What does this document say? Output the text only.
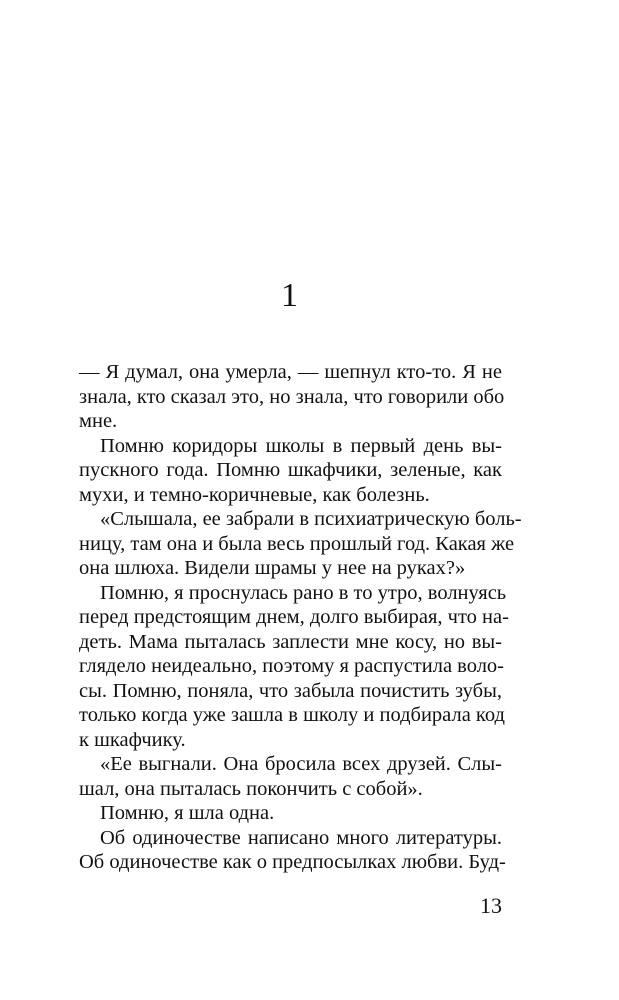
1

— Я думал, она умерла, — шепнул кто-то. Я не
знала, кто сказал это, но знала, что говорили обо
мне.

Помню коридоры школы в первый день вы-
пускного года. Помню шкафчики, зеленые, как
мухи, и темно-коричневые, как болезнь.

«Слышала, ее забрали в психиатрическую боль-
ницу, там она и была весь прошлый год. Какая же
она шлюха. Видели шрамы у нее на руках?»

Помню, я проснулась рано в то утро, волнуясь
перед предстоящим днем, долго выбирая, что на-
деть. Мама пыталась заплести мне косу, но вы-
глядело неидеально, поэтому я распустила воло-
сы. Помню, поняла, что забыла почистить зубы,
только когда уже зашла в школу и подбирала код
к шкафчику.

«Ее выгнали. Она бросила всех друзей. Слы-
шал, она пыталась покончить с собой».

Помню, я шла одна.

Об одиночестве написано много литературы.
Об одиночестве как о предпосылках любви. Буд-

13
